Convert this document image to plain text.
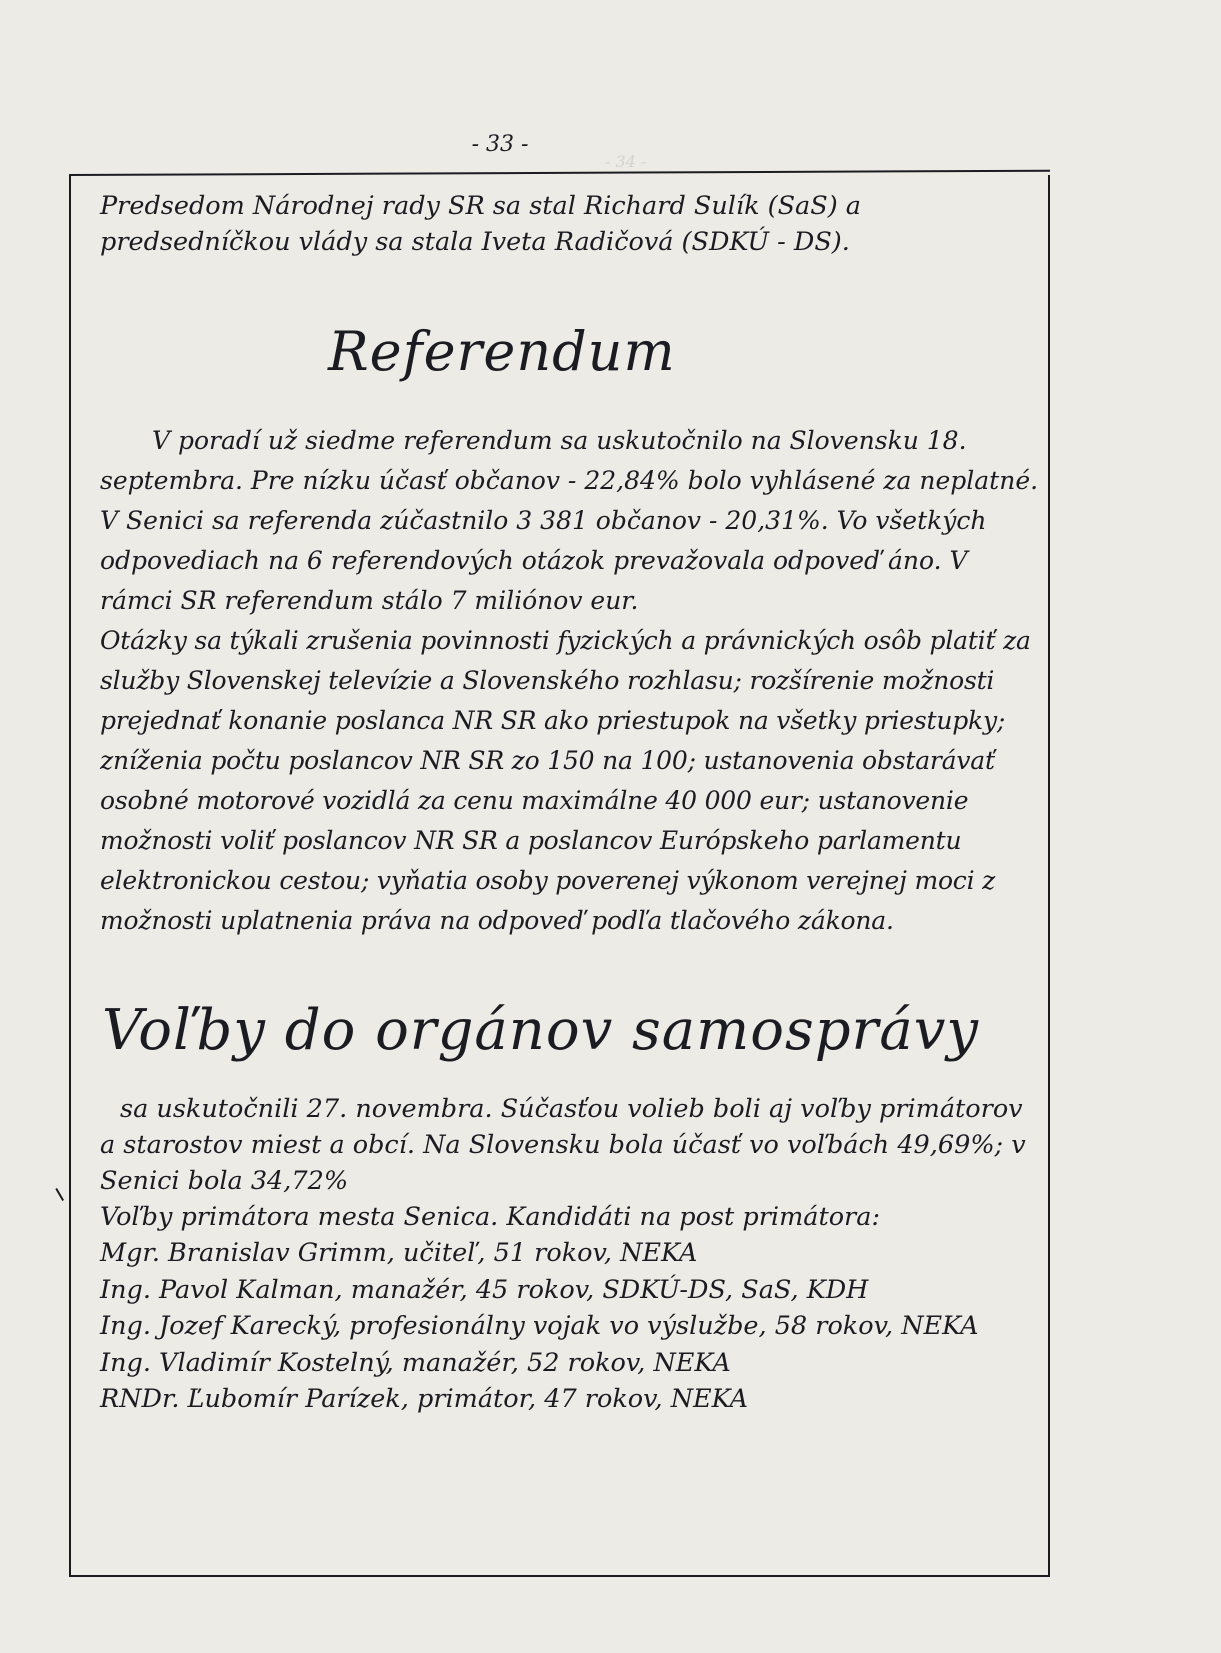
- 33 -
- 34 -

Predsedom Národnej rady SR sa stal Richard Sulík (SaS) a predsedníčkou vlády sa stala Iveta Radičová (SDKÚ - DS).

Referendum

V poradí už siedme referendum sa uskutočnilo na Slovensku 18. septembra. Pre nízku účasť občanov - 22,84% bolo vyhlásené za neplatné. V Senici sa referenda zúčastnilo 3 381 občanov - 20,31%. Vo všetkých odpovediach na 6 referendových otázok prevažovala odpoveď áno. V rámci SR referendum stálo 7 miliónov eur.

Otázky sa týkali zrušenia povinnosti fyzických a právnických osôb platiť za služby Slovenskej televízie a Slovenského rozhlasu; rozšírenie možnosti prejednať konanie poslanca NR SR ako priestupok na všetky priestupky; zníženia počtu poslancov NR SR zo 150 na 100; ustanovenia obstarávať osobné motorové vozidlá za cenu maximálne 40 000 eur; ustanovenie možnosti voliť poslancov NR SR a poslancov Európskeho parlamentu elektronickou cestou; vyňatia osoby poverenej výkonom verejnej moci z možnosti uplatnenia práva na odpoveď podľa tlačového zákona.

Voľby do orgánov samosprávy

sa uskutočnili 27. novembra. Súčasťou volieb boli aj voľby primátorov a starostov miest a obcí. Na Slovensku bola účasť vo voľbách 49,69%; v Senici bola 34,72%

Voľby primátora mesta Senica. Kandidáti na post primátora:

Mgr. Branislav Grimm, učiteľ, 51 rokov, NEKA
Ing. Pavol Kalman, manažér, 45 rokov, SDKÚ-DS, SaS, KDH
Ing. Jozef Karecký, profesionálny vojak vo výslužbe, 58 rokov, NEKA
Ing. Vladimír Kostelný, manažér, 52 rokov, NEKA
RNDr. Ľubomír Parízek, primátor, 47 rokov, NEKA
